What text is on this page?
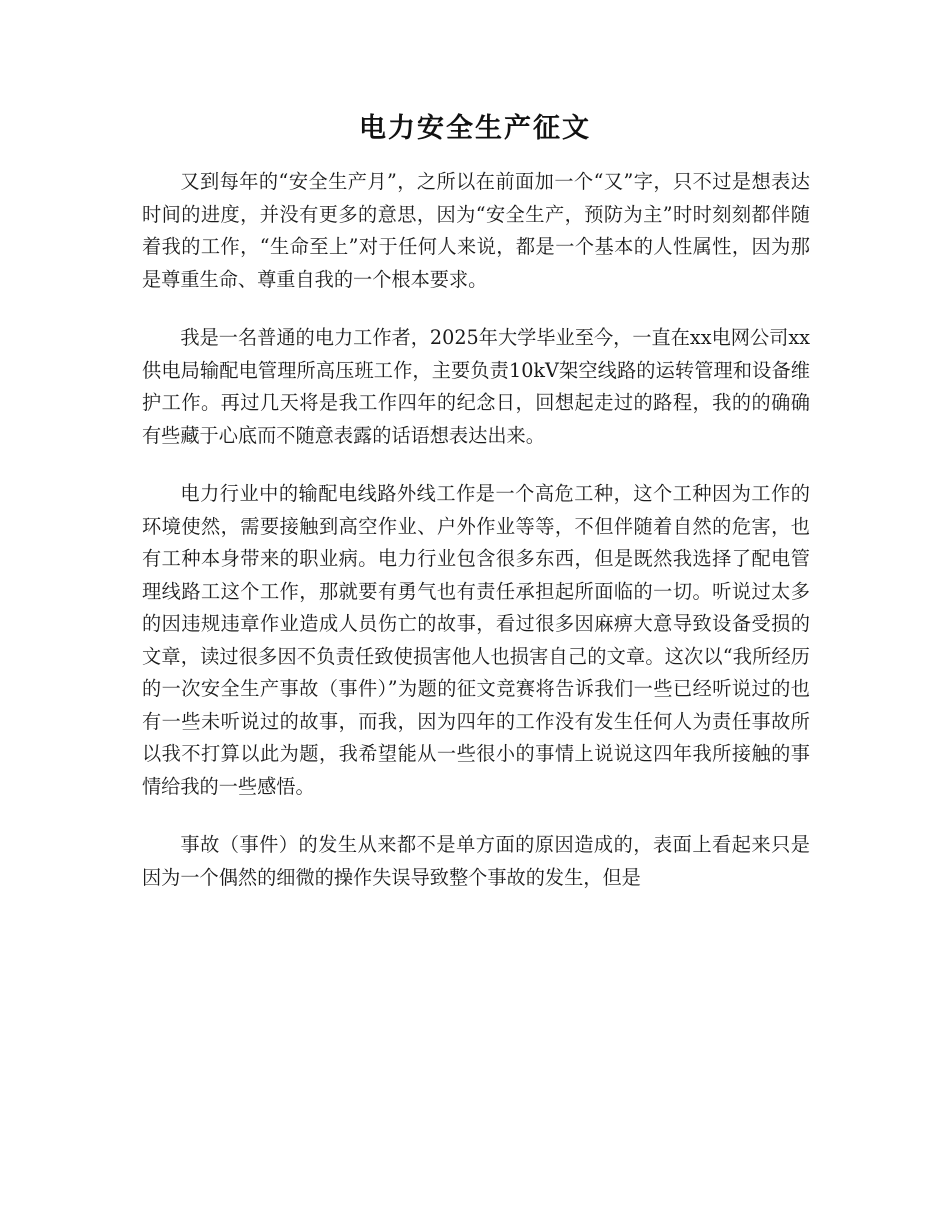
电力安全生产征文

又到每年的“安全生产月”，之所以在前面加一个“又”字，只不过是想表达时间的进度，并没有更多的意思，因为“安全生产，预防为主”时时刻刻都伴随着我的工作，“生命至上”对于任何人来说，都是一个基本的人性属性，因为那是尊重生命、尊重自我的一个根本要求。

我是一名普通的电力工作者，2025年大学毕业至今，一直在xx电网公司xx供电局输配电管理所高压班工作，主要负责10kV架空线路的运转管理和设备维护工作。再过几天将是我工作四年的纪念日，回想起走过的路程，我的的确确有些藏于心底而不随意表露的话语想表达出来。

电力行业中的输配电线路外线工作是一个高危工种，这个工种因为工作的环境使然，需要接触到高空作业、户外作业等等，不但伴随着自然的危害，也有工种本身带来的职业病。电力行业包含很多东西，但是既然我选择了配电管理线路工这个工作，那就要有勇气也有责任承担起所面临的一切。听说过太多的因违规违章作业造成人员伤亡的故事，看过很多因麻痹大意导致设备受损的文章，读过很多因不负责任致使损害他人也损害自己的文章。这次以“我所经历的一次安全生产事故（事件）”为题的征文竞赛将告诉我们一些已经听说过的也有一些未听说过的故事，而我，因为四年的工作没有发生任何人为责任事故所以我不打算以此为题，我希望能从一些很小的事情上说说这四年我所接触的事情给我的一些感悟。

事故（事件）的发生从来都不是单方面的原因造成的，表面上看起来只是因为一个偶然的细微的操作失误导致整个事故的发生，但是
